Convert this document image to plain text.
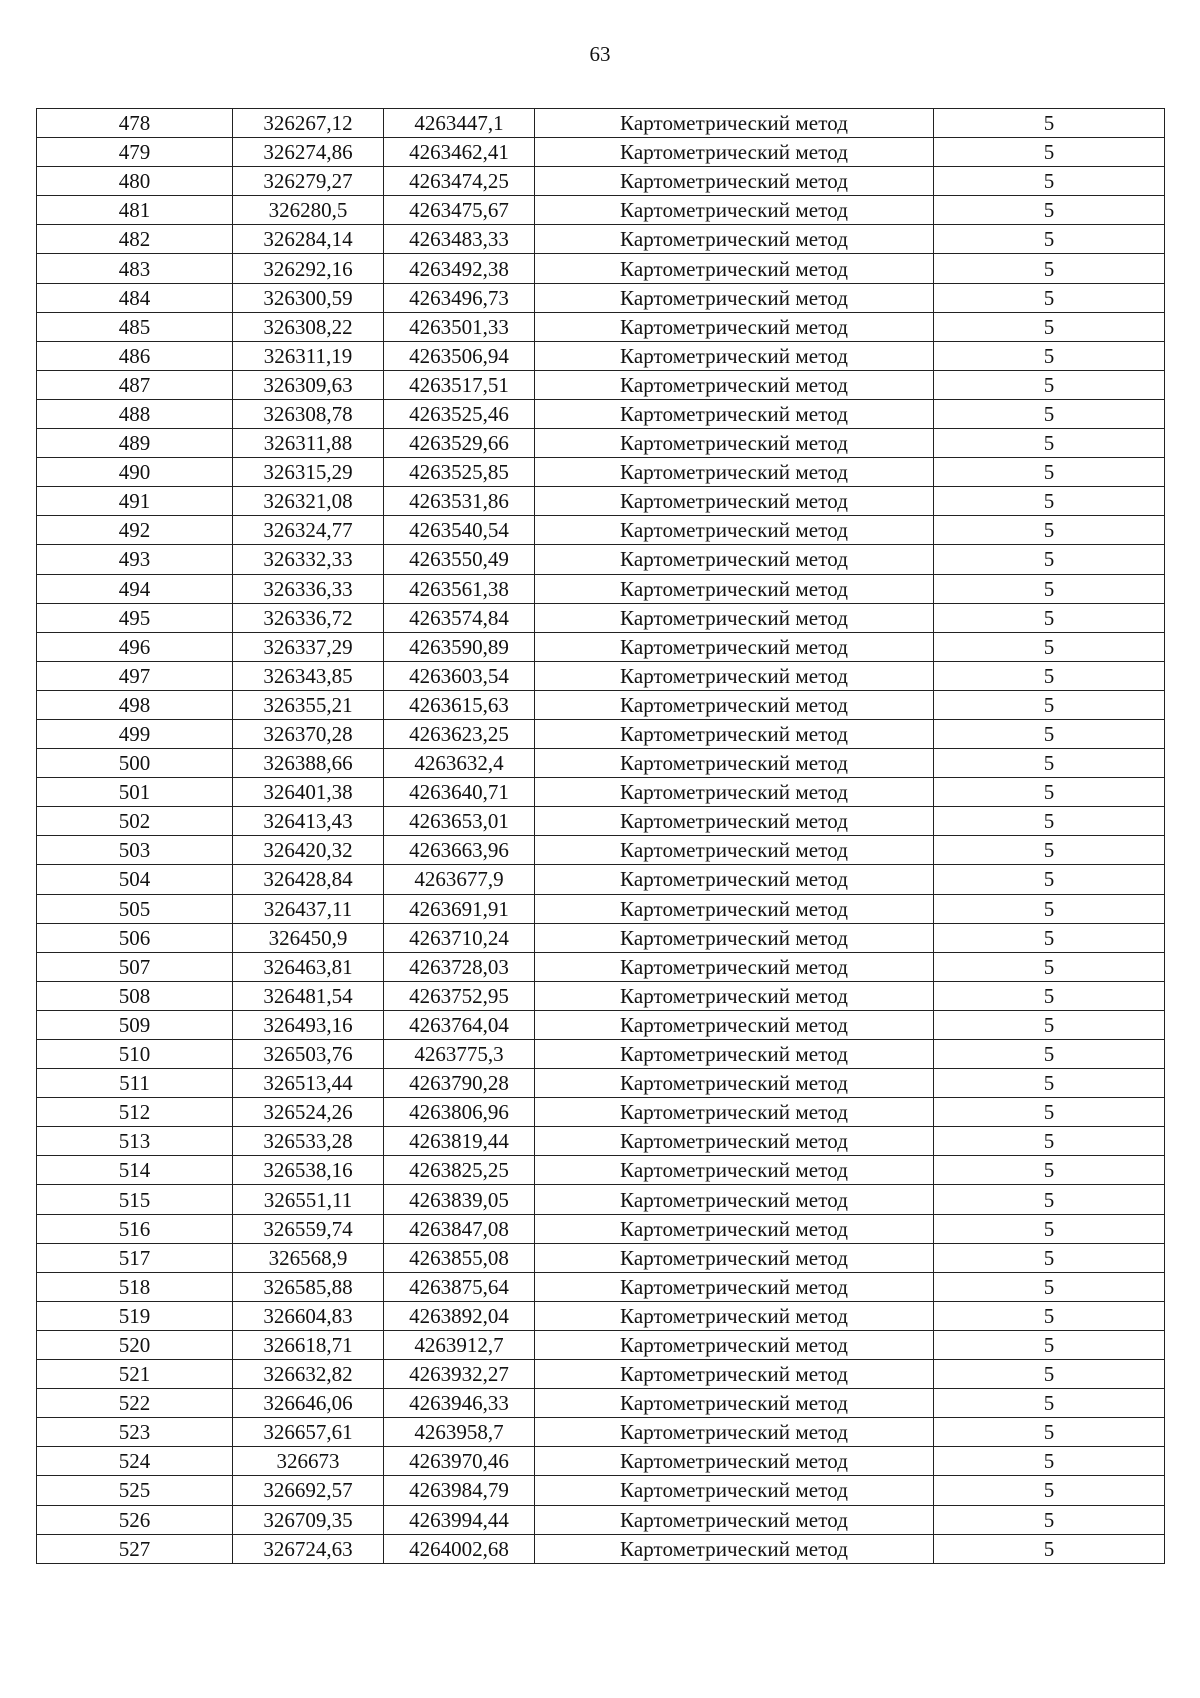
63
478	326267,12	4263447,1	Картометрический метод	5
479	326274,86	4263462,41	Картометрический метод	5
480	326279,27	4263474,25	Картометрический метод	5
481	326280,5	4263475,67	Картометрический метод	5
482	326284,14	4263483,33	Картометрический метод	5
483	326292,16	4263492,38	Картометрический метод	5
484	326300,59	4263496,73	Картометрический метод	5
485	326308,22	4263501,33	Картометрический метод	5
486	326311,19	4263506,94	Картометрический метод	5
487	326309,63	4263517,51	Картометрический метод	5
488	326308,78	4263525,46	Картометрический метод	5
489	326311,88	4263529,66	Картометрический метод	5
490	326315,29	4263525,85	Картометрический метод	5
491	326321,08	4263531,86	Картометрический метод	5
492	326324,77	4263540,54	Картометрический метод	5
493	326332,33	4263550,49	Картометрический метод	5
494	326336,33	4263561,38	Картометрический метод	5
495	326336,72	4263574,84	Картометрический метод	5
496	326337,29	4263590,89	Картометрический метод	5
497	326343,85	4263603,54	Картометрический метод	5
498	326355,21	4263615,63	Картометрический метод	5
499	326370,28	4263623,25	Картометрический метод	5
500	326388,66	4263632,4	Картометрический метод	5
501	326401,38	4263640,71	Картометрический метод	5
502	326413,43	4263653,01	Картометрический метод	5
503	326420,32	4263663,96	Картометрический метод	5
504	326428,84	4263677,9	Картометрический метод	5
505	326437,11	4263691,91	Картометрический метод	5
506	326450,9	4263710,24	Картометрический метод	5
507	326463,81	4263728,03	Картометрический метод	5
508	326481,54	4263752,95	Картометрический метод	5
509	326493,16	4263764,04	Картометрический метод	5
510	326503,76	4263775,3	Картометрический метод	5
511	326513,44	4263790,28	Картометрический метод	5
512	326524,26	4263806,96	Картометрический метод	5
513	326533,28	4263819,44	Картометрический метод	5
514	326538,16	4263825,25	Картометрический метод	5
515	326551,11	4263839,05	Картометрический метод	5
516	326559,74	4263847,08	Картометрический метод	5
517	326568,9	4263855,08	Картометрический метод	5
518	326585,88	4263875,64	Картометрический метод	5
519	326604,83	4263892,04	Картометрический метод	5
520	326618,71	4263912,7	Картометрический метод	5
521	326632,82	4263932,27	Картометрический метод	5
522	326646,06	4263946,33	Картометрический метод	5
523	326657,61	4263958,7	Картометрический метод	5
524	326673	4263970,46	Картометрический метод	5
525	326692,57	4263984,79	Картометрический метод	5
526	326709,35	4263994,44	Картометрический метод	5
527	326724,63	4264002,68	Картометрический метод	5
